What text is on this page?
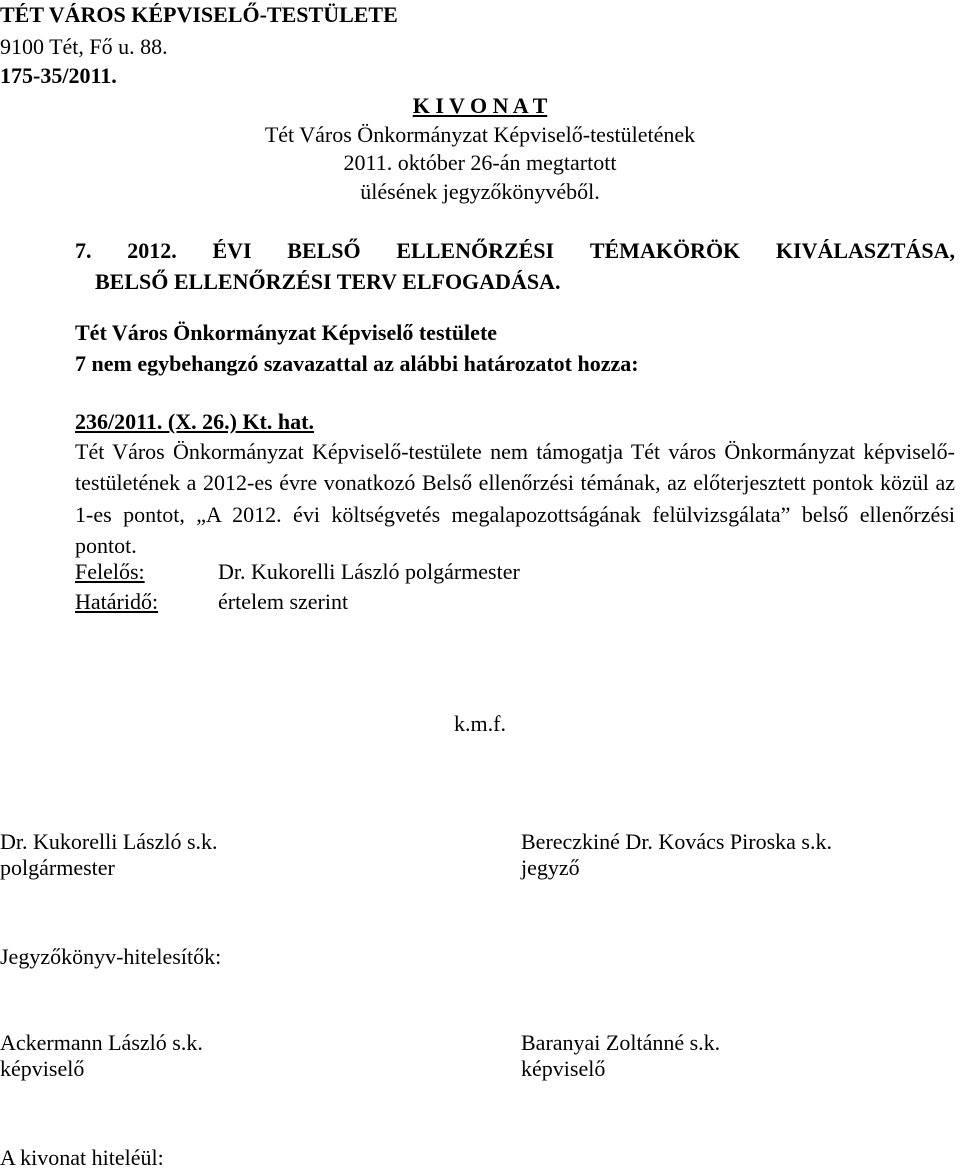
TÉT VÁROS KÉPVISELŐ-TESTÜLETE
9100 Tét, Fő u. 88.
175-35/2011.
K I V O N A T
Tét Város Önkormányzat Képviselő-testületének
2011. október 26-án megtartott
ülésének jegyzőkönyvéből.
7. 2012. ÉVI BELSŐ ELLENŐRZÉSI TÉMAKÖRÖK KIVÁLASZTÁSA,
BELSŐ ELLENŐRZÉSI TERV ELFOGADÁSA.
Tét Város Önkormányzat Képviselő testülete
7 nem egybehangzó szavazattal az alábbi határozatot hozza:
236/2011. (X. 26.) Kt. hat.
Tét Város Önkormányzat Képviselő-testülete nem támogatja Tét város Önkormányzat képviselő-testületének a 2012-es évre vonatkozó Belső ellenőrzési témának, az előterjesztett pontok közül az 1-es pontot, „A 2012. évi költségvetés megalapozottságának felülvizsgálata” belső ellenőrzési pontot.
Felelős:	Dr. Kukorelli László polgármester
Határidő:	értelem szerint
k.m.f.
Dr. Kukorelli László s.k.
polgármester
Bereczkiné Dr. Kovács Piroska s.k.
jegyző
Jegyzőkönyv-hitelesítők:
Ackermann László s.k.
képviselő
Baranyai Zoltánné s.k.
képviselő
A kivonat hiteléül:
